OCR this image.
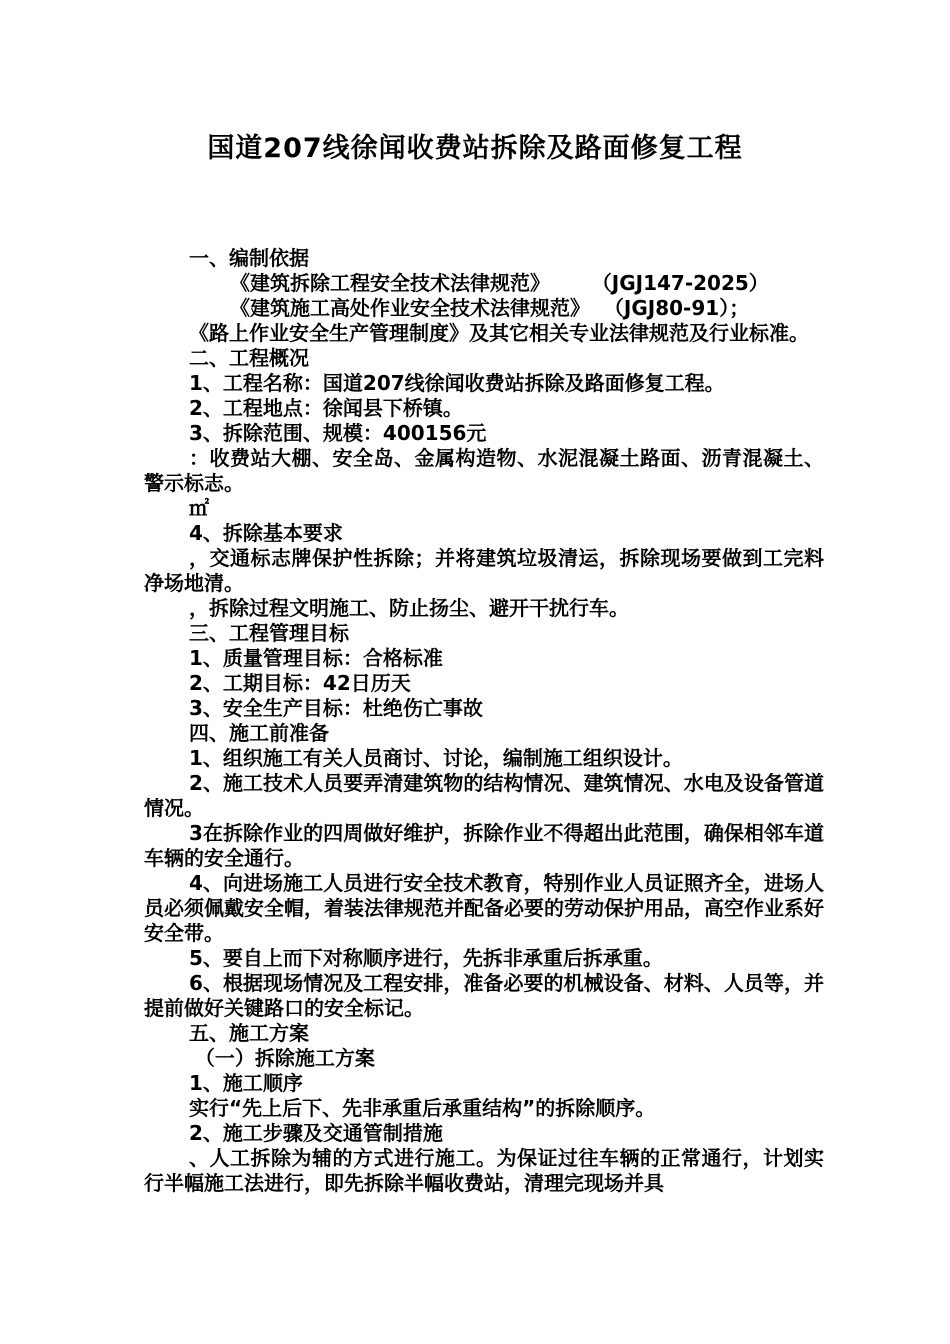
国道207线徐闻收费站拆除及路面修复工程
一、编制依据
《建筑拆除工程安全技术法律规范》      （JGJ147-2025）
《建筑施工高处作业安全技术法律规范》  （JGJ80-91）；
《路上作业安全生产管理制度》及其它相关专业法律规范及行业标准。
二、工程概况
1、工程名称：国道207线徐闻收费站拆除及路面修复工程。
2、工程地点：徐闻县下桥镇。
3、拆除范围、规模：400156元
：收费站大棚、安全岛、金属构造物、水泥混凝土路面、沥青混凝土、警示标志。
㎡
4、拆除基本要求
，交通标志牌保护性拆除；并将建筑垃圾清运，拆除现场要做到工完料净场地清。
，拆除过程文明施工、防止扬尘、避开干扰行车。
三、工程管理目标
1、质量管理目标：合格标准
2、工期目标：42日历天
3、安全生产目标：杜绝伤亡事故
四、施工前准备
1、组织施工有关人员商讨、讨论，编制施工组织设计。
2、施工技术人员要弄清建筑物的结构情况、建筑情况、水电及设备管道情况。
3在拆除作业的四周做好维护，拆除作业不得超出此范围，确保相邻车道车辆的安全通行。
4、向进场施工人员进行安全技术教育，特别作业人员证照齐全，进场人员必须佩戴安全帽，着装法律规范并配备必要的劳动保护用品，高空作业系好安全带。
5、要自上而下对称顺序进行，先拆非承重后拆承重。
6、根据现场情况及工程安排，准备必要的机械设备、材料、人员等，并提前做好关键路口的安全标记。
五、施工方案
（一）拆除施工方案
1、施工顺序
实行“先上后下、先非承重后承重结构”的拆除顺序。
2、施工步骤及交通管制措施
、人工拆除为辅的方式进行施工。为保证过往车辆的正常通行，计划实行半幅施工法进行，即先拆除半幅收费站，清理完现场并具
